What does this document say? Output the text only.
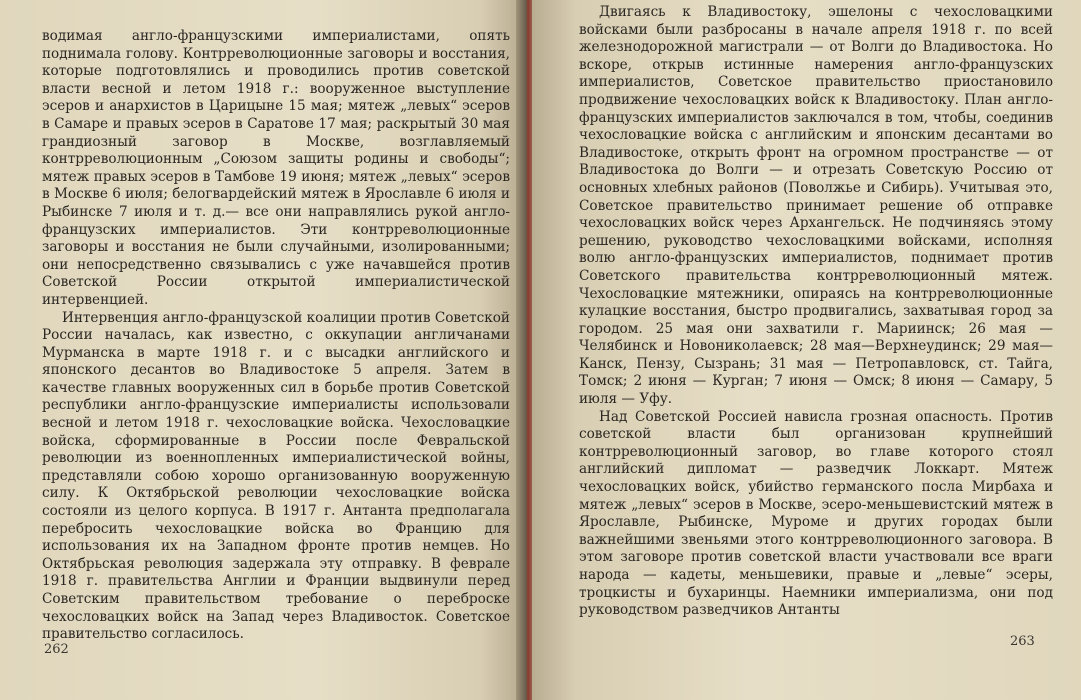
водимая англо-французскими империалистами, опять поднимала голову. Контрреволюционные заговоры и восстания, которые подготовлялись и проводились против советской власти весной и летом 1918 г.: вооруженное выступление эсеров и анархистов в Царицыне 15 мая; мятеж „левых“ эсеров в Самаре и правых эсеров в Саратове 17 мая; раскрытый 30 мая грандиозный заговор в Москве, возглавляемый контрреволюционным „Союзом защиты родины и свободы“; мятеж правых эсеров в Тамбове 19 июня; мятеж „левых“ эсеров в Москве 6 июля; белогвардейский мятеж в Ярославле 6 июля и Рыбинске 7 июля и т. д.— все они направлялись рукой англо-французских империалистов. Эти контрреволюционные заговоры и восстания не были случайными, изолированными; они непосредственно связывались с уже начавшейся против Советской России открытой империалистической интервенцией.

Интервенция англо-французской коалиции против Советской России началась, как известно, с оккупации англичанами Мурманска в марте 1918 г. и с высадки английского и японского десантов во Владивостоке 5 апреля. Затем в качестве главных вооруженных сил в борьбе против Советской республики англо-французские империалисты использовали весной и летом 1918 г. чехословацкие войска. Чехословацкие войска, сформированные в России после Февральской революции из военнопленных империалистической войны, представляли собою хорошо организованную вооруженную силу. К Октябрьской революции чехословацкие войска состояли из целого корпуса. В 1917 г. Антанта предполагала перебросить чехословацкие войска во Францию для использования их на Западном фронте против немцев. Но Октябрьская революция задержала эту отправку. В феврале 1918 г. правительства Англии и Франции выдвинули перед Советским правительством требование о переброске чехословацких войск на Запад через Владивосток. Советское правительство согласилось.

262

Двигаясь к Владивостоку, эшелоны с чехословацкими войсками были разбросаны в начале апреля 1918 г. по всей железнодорожной магистрали — от Волги до Владивостока. Но вскоре, открыв истинные намерения англо-французских империалистов, Советское правительство приостановило продвижение чехословацких войск к Владивостоку. План англо-французских империалистов заключался в том, чтобы, соединив чехословацкие войска с английским и японским десантами во Владивостоке, открыть фронт на огромном пространстве — от Владивостока до Волги — и отрезать Советскую Россию от основных хлебных районов (Поволжье и Сибирь). Учитывая это, Советское правительство принимает решение об отправке чехословацких войск через Архангельск. Не подчиняясь этому решению, руководство чехословацкими войсками, исполняя волю англо-французских империалистов, поднимает против Советского правительства контрреволюционный мятеж. Чехословацкие мятежники, опираясь на контрреволюционные кулацкие восстания, быстро продвигались, захватывая город за городом. 25 мая они захватили г. Мариинск; 26 мая — Челябинск и Новониколаевск; 28 мая—Верхнеудинск; 29 мая—Канск, Пензу, Сызрань; 31 мая — Петропавловск, ст. Тайга, Томск; 2 июня — Курган; 7 июня — Омск; 8 июня — Самару, 5 июля — Уфу.

Над Советской Россией нависла грозная опасность. Против советской власти был организован крупнейший контрреволюционный заговор, во главе которого стоял английский дипломат — разведчик Локкарт. Мятеж чехословацких войск, убийство германского посла Мирбаха и мятеж „левых“ эсеров в Москве, эсеро-меньшевистский мятеж в Ярославле, Рыбинске, Муроме и других городах были важнейшими звеньями этого контрреволюционного заговора. В этом заговоре против советской власти участвовали все враги народа — кадеты, меньшевики, правые и „левые“ эсеры, троцкисты и бухаринцы. Наемники империализма, они под руководством разведчиков Антанты

263
